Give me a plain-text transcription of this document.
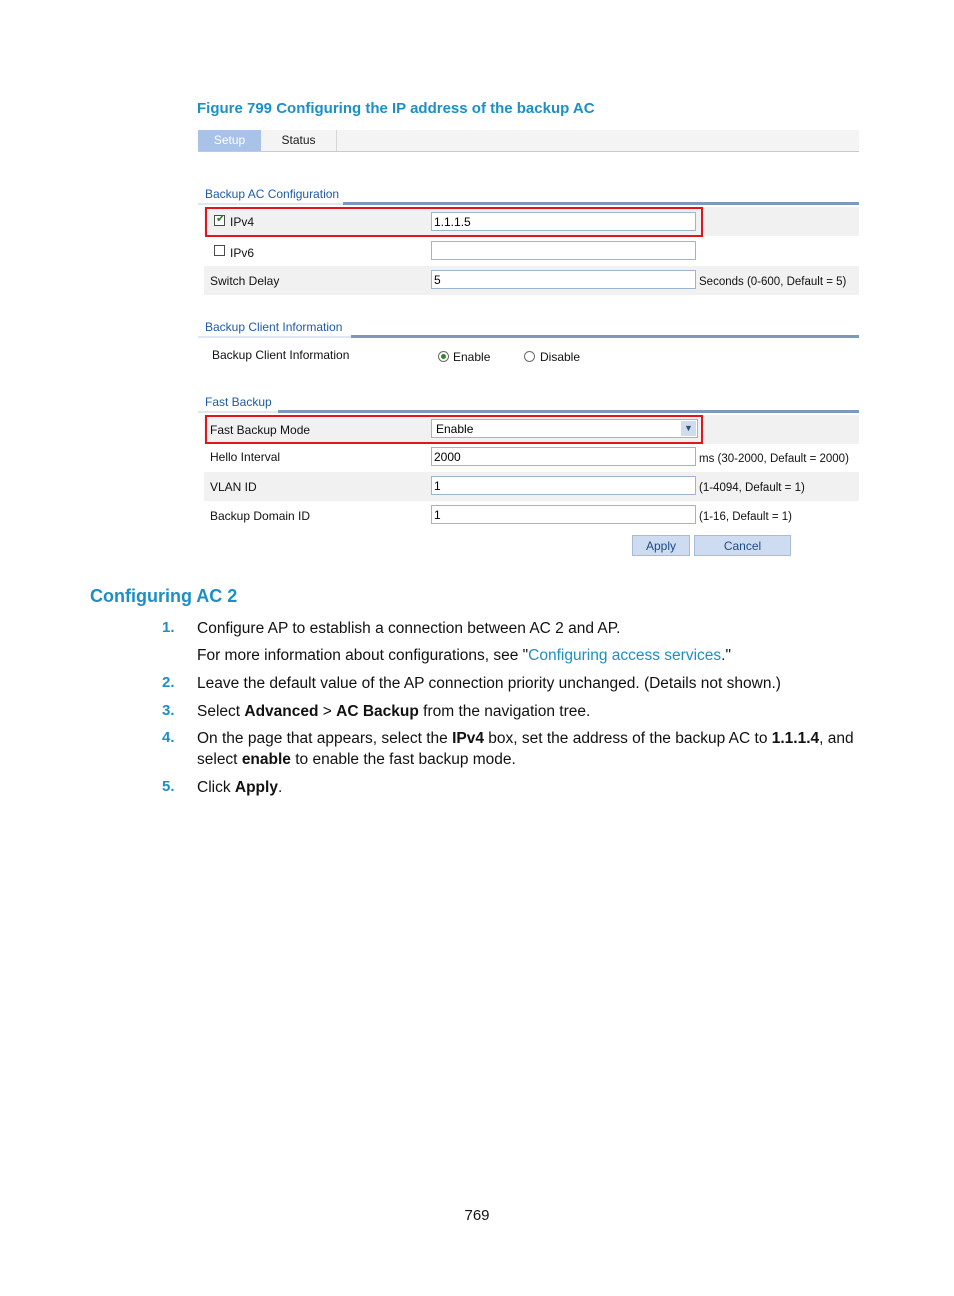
Figure 799 Configuring the IP address of the backup AC
Setup	Status
Backup AC Configuration
✔ IPv4	1.1.1.5
IPv6
Switch Delay	5	Seconds (0-600, Default = 5)
Backup Client Information
Backup Client Information	Enable	Disable
Fast Backup
Fast Backup Mode	Enable	▼
Hello Interval	2000	ms (30-2000, Default = 2000)
VLAN ID	1	(1-4094, Default = 1)
Backup Domain ID	1	(1-16, Default = 1)
Apply	Cancel
Configuring AC 2
1. Configure AP to establish a connection between AC 2 and AP.
For more information about configurations, see "Configuring access services."
2. Leave the default value of the AP connection priority unchanged. (Details not shown.)
3. Select Advanced > AC Backup from the navigation tree.
4. On the page that appears, select the IPv4 box, set the address of the backup AC to 1.1.1.4, and select enable to enable the fast backup mode.
5. Click Apply.
769
